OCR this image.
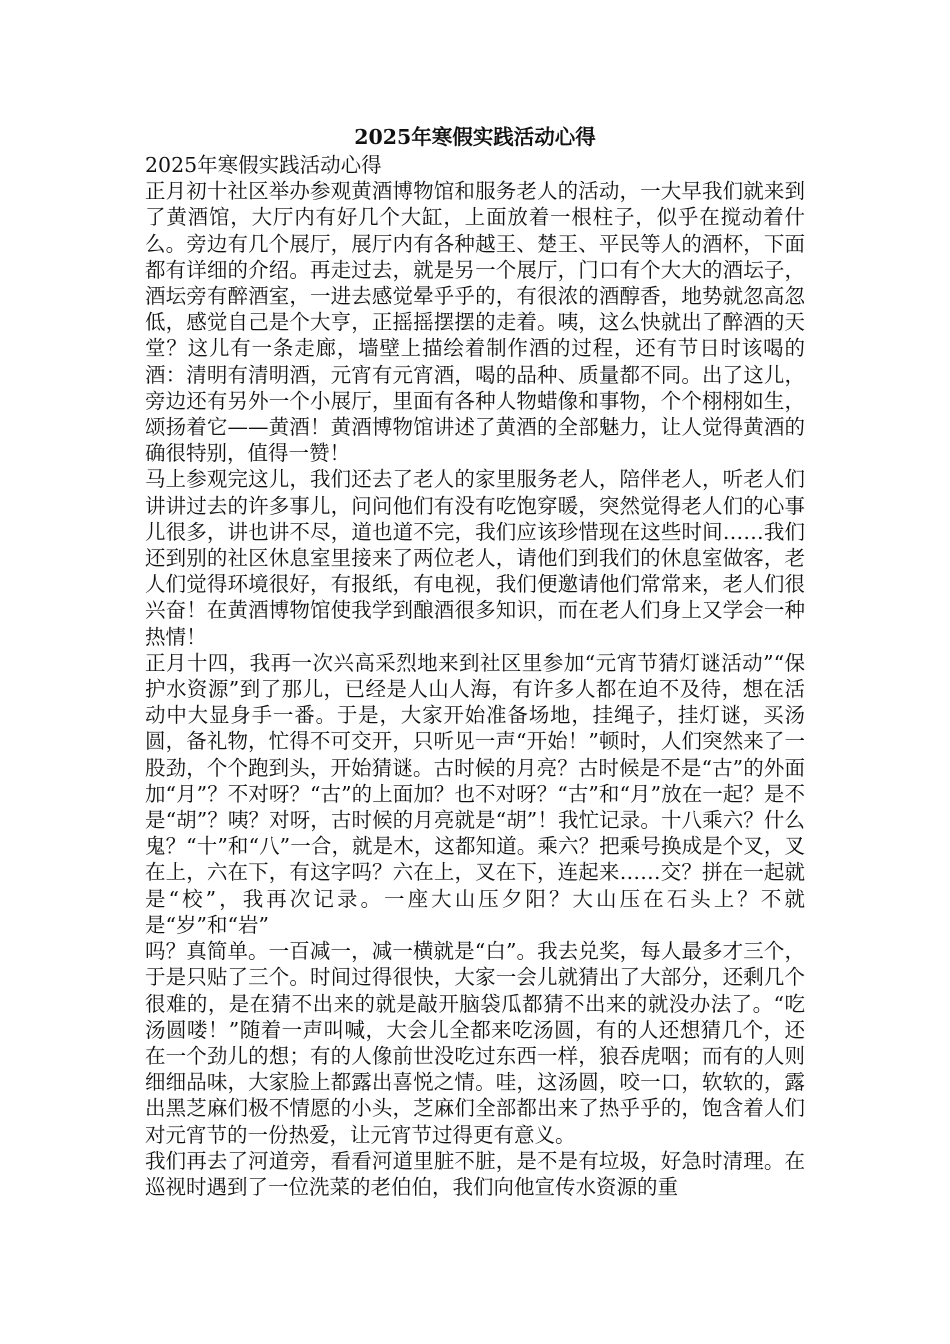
2025年寒假实践活动心得
2025年寒假实践活动心得

正月初十社区举办参观黄酒博物馆和服务老人的活动，一大早我们就来到了黄酒馆，大厅内有好几个大缸，上面放着一根柱子，似乎在搅动着什么。旁边有几个展厅，展厅内有各种越王、楚王、平民等人的酒杯，下面都有详细的介绍。再走过去，就是另一个展厅，门口有个大大的酒坛子，酒坛旁有醉酒室，一进去感觉晕乎乎的，有很浓的酒醇香，地势就忽高忽低，感觉自己是个大亨，正摇摇摆摆的走着。咦，这么快就出了醉酒的天堂？这儿有一条走廊，墙壁上描绘着制作酒的过程，还有节日时该喝的酒：清明有清明酒，元宵有元宵酒，喝的品种、质量都不同。出了这儿，旁边还有另外一个小展厅，里面有各种人物蜡像和事物，个个栩栩如生，颂扬着它——黄酒！黄酒博物馆讲述了黄酒的全部魅力，让人觉得黄酒的确很特别，值得一赞！

马上参观完这儿，我们还去了老人的家里服务老人，陪伴老人，听老人们讲讲过去的许多事儿，问问他们有没有吃饱穿暖，突然觉得老人们的心事儿很多，讲也讲不尽，道也道不完，我们应该珍惜现在这些时间……我们还到别的社区休息室里接来了两位老人，请他们到我们的休息室做客，老人们觉得环境很好，有报纸，有电视，我们便邀请他们常常来，老人们很兴奋！在黄酒博物馆使我学到酿酒很多知识，而在老人们身上又学会一种热情！

正月十四，我再一次兴高采烈地来到社区里参加“元宵节猜灯谜活动”“保护水资源”到了那儿，已经是人山人海，有许多人都在迫不及待，想在活动中大显身手一番。于是，大家开始准备场地，挂绳子，挂灯谜，买汤圆，备礼物，忙得不可交开，只听见一声“开始！”顿时，人们突然来了一股劲，个个跑到头，开始猜谜。古时候的月亮？古时候是不是“古”的外面加“月”？不对呀？“古”的上面加？也不对呀？“古”和“月”放在一起？是不是“胡”？咦？对呀，古时候的月亮就是“胡”！我忙记录。十八乘六？什么鬼？“十”和“八”一合，就是木，这都知道。乘六？把乘号换成是个叉，叉在上，六在下，有这字吗？六在上，叉在下，连起来……交？拼在一起就是“校”，我再次记录。一座大山压夕阳？大山压在石头上？不就是“岁”和“岩”

吗？真简单。一百减一，减一横就是“白”。我去兑奖，每人最多才三个，于是只贴了三个。时间过得很快，大家一会儿就猜出了大部分，还剩几个很难的，是在猜不出来的就是敲开脑袋瓜都猜不出来的就没办法了。“吃汤圆喽！”随着一声叫喊，大会儿全都来吃汤圆，有的人还想猜几个，还在一个劲儿的想；有的人像前世没吃过东西一样，狼吞虎咽；而有的人则细细品味，大家脸上都露出喜悦之情。哇，这汤圆，咬一口，软软的，露出黑芝麻们极不情愿的小头，芝麻们全部都出来了热乎乎的，饱含着人们对元宵节的一份热爱，让元宵节过得更有意义。

我们再去了河道旁，看看河道里脏不脏，是不是有垃圾，好急时清理。在巡视时遇到了一位洗菜的老伯伯，我们向他宣传水资源的重
